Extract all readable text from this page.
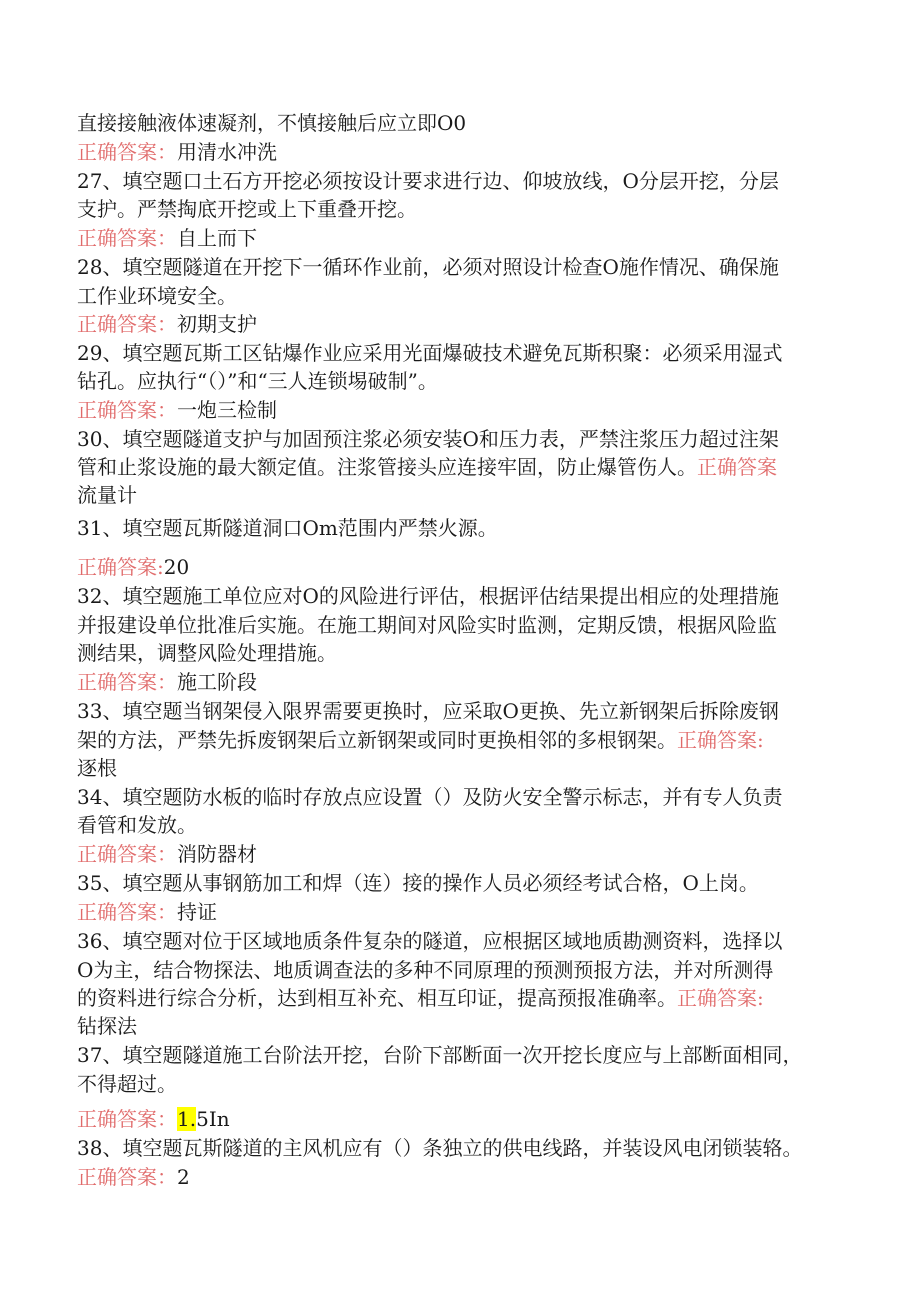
直接接触液体速凝剂，不慎接触后应立即O0
正确答案：用清水冲洗
27、填空题口土石方开挖必须按设计要求进行边、仰坡放线，O分层开挖，分层
支护。严禁掏底开挖或上下重叠开挖。
正确答案：自上而下
28、填空题隧道在开挖下一循环作业前，必须对照设计检查O施作情况、确保施
工作业环境安全。
正确答案：初期支护
29、填空题瓦斯工区钻爆作业应采用光面爆破技术避免瓦斯积聚：必须采用湿式
钻孔。应执行“（）”和“三人连锁埸破制”。
正确答案：一炮三检制
30、填空题隧道支护与加固预注浆必须安装O和压力表，严禁注浆压力超过注架
管和止浆设施的最大额定值。注浆管接头应连接牢固，防止爆管伤人。正确答案
流量计
31、填空题瓦斯隧道洞口Om范围内严禁火源。
正确答案:20
32、填空题施工单位应对O的风险进行评估，根据评估结果提出相应的处理措施
并报建设单位批准后实施。在施工期间对风险实时监测，定期反馈，根据风险监
测结果，调整风险处理措施。
正确答案：施工阶段
33、填空题当钢架侵入限界需要更换时，应采取O更换、先立新钢架后拆除废钢
架的方法，严禁先拆废钢架后立新钢架或同时更换相邻的多根钢架。正确答案:
逐根
34、填空题防水板的临时存放点应设置（）及防火安全警示标志，并有专人负责
看管和发放。
正确答案：消防器材
35、填空题从事钢筋加工和焊（连）接的操作人员必须经考试合格，O上岗。
正确答案：持证
36、填空题对位于区域地质条件复杂的隧道，应根据区域地质勘测资料，选择以
O为主，结合物探法、地质调查法的多种不同原理的预测预报方法，并对所测得
的资料进行综合分析，达到相互补充、相互印证，提高预报准确率。正确答案:
钻探法
37、填空题隧道施工台阶法开挖，台阶下部断面一次开挖长度应与上部断面相同，
不得超过。
正确答案：1.5In
38、填空题瓦斯隧道的主风机应有（）条独立的供电线路，并装设风电闭锁装辂。
正确答案：2
